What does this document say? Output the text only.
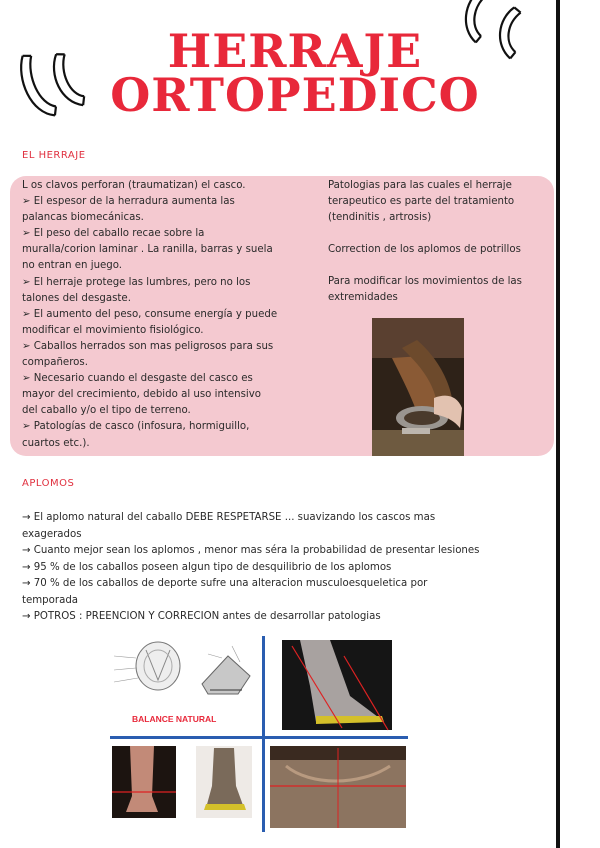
HERRAJE
ORTOPEDICO
EL HERRAJE
L os clavos perforan (traumatizan) el casco.
➢ El espesor de la herradura aumenta las
palancas biomecánicas.
➢ El peso del caballo recae sobre la
muralla/corion laminar . La ranilla, barras y suela
no entran en juego.
➢ El herraje protege las lumbres, pero no los
talones del desgaste.
➢ El aumento del peso, consume energía y puede
modificar el movimiento fisiológico.
➢ Caballos herrados son mas peligrosos para sus
compañeros.
➢ Necesario cuando el desgaste del casco es
mayor del crecimiento, debido al uso intensivo
del caballo y/o el tipo de terreno.
➢ Patologías de casco (infosura, hormiguillo,
cuartos etc.).

Patologias para las cuales el herraje terapeutico es parte del tratamiento (tendinitis , artrosis)

Correction de los aplomos de potrillos

Para modificar los movimientos de las extremidades

APLOMOS
→ El aplomo natural del caballo DEBE RESPETARSE ... suavizando los cascos mas
exagerados
→ Cuanto mejor sean los aplomos , menor mas séra la probabilidad de presentar lesiones
→ 95 % de los caballos poseen algun tipo de desquilibrio de los aplomos
→ 70 % de los caballos de deporte sufre una alteracion musculoesqueletica por
temporada
→ POTROS : PREENCION Y CORRECION antes de desarrollar patologias
BALANCE NATURAL
